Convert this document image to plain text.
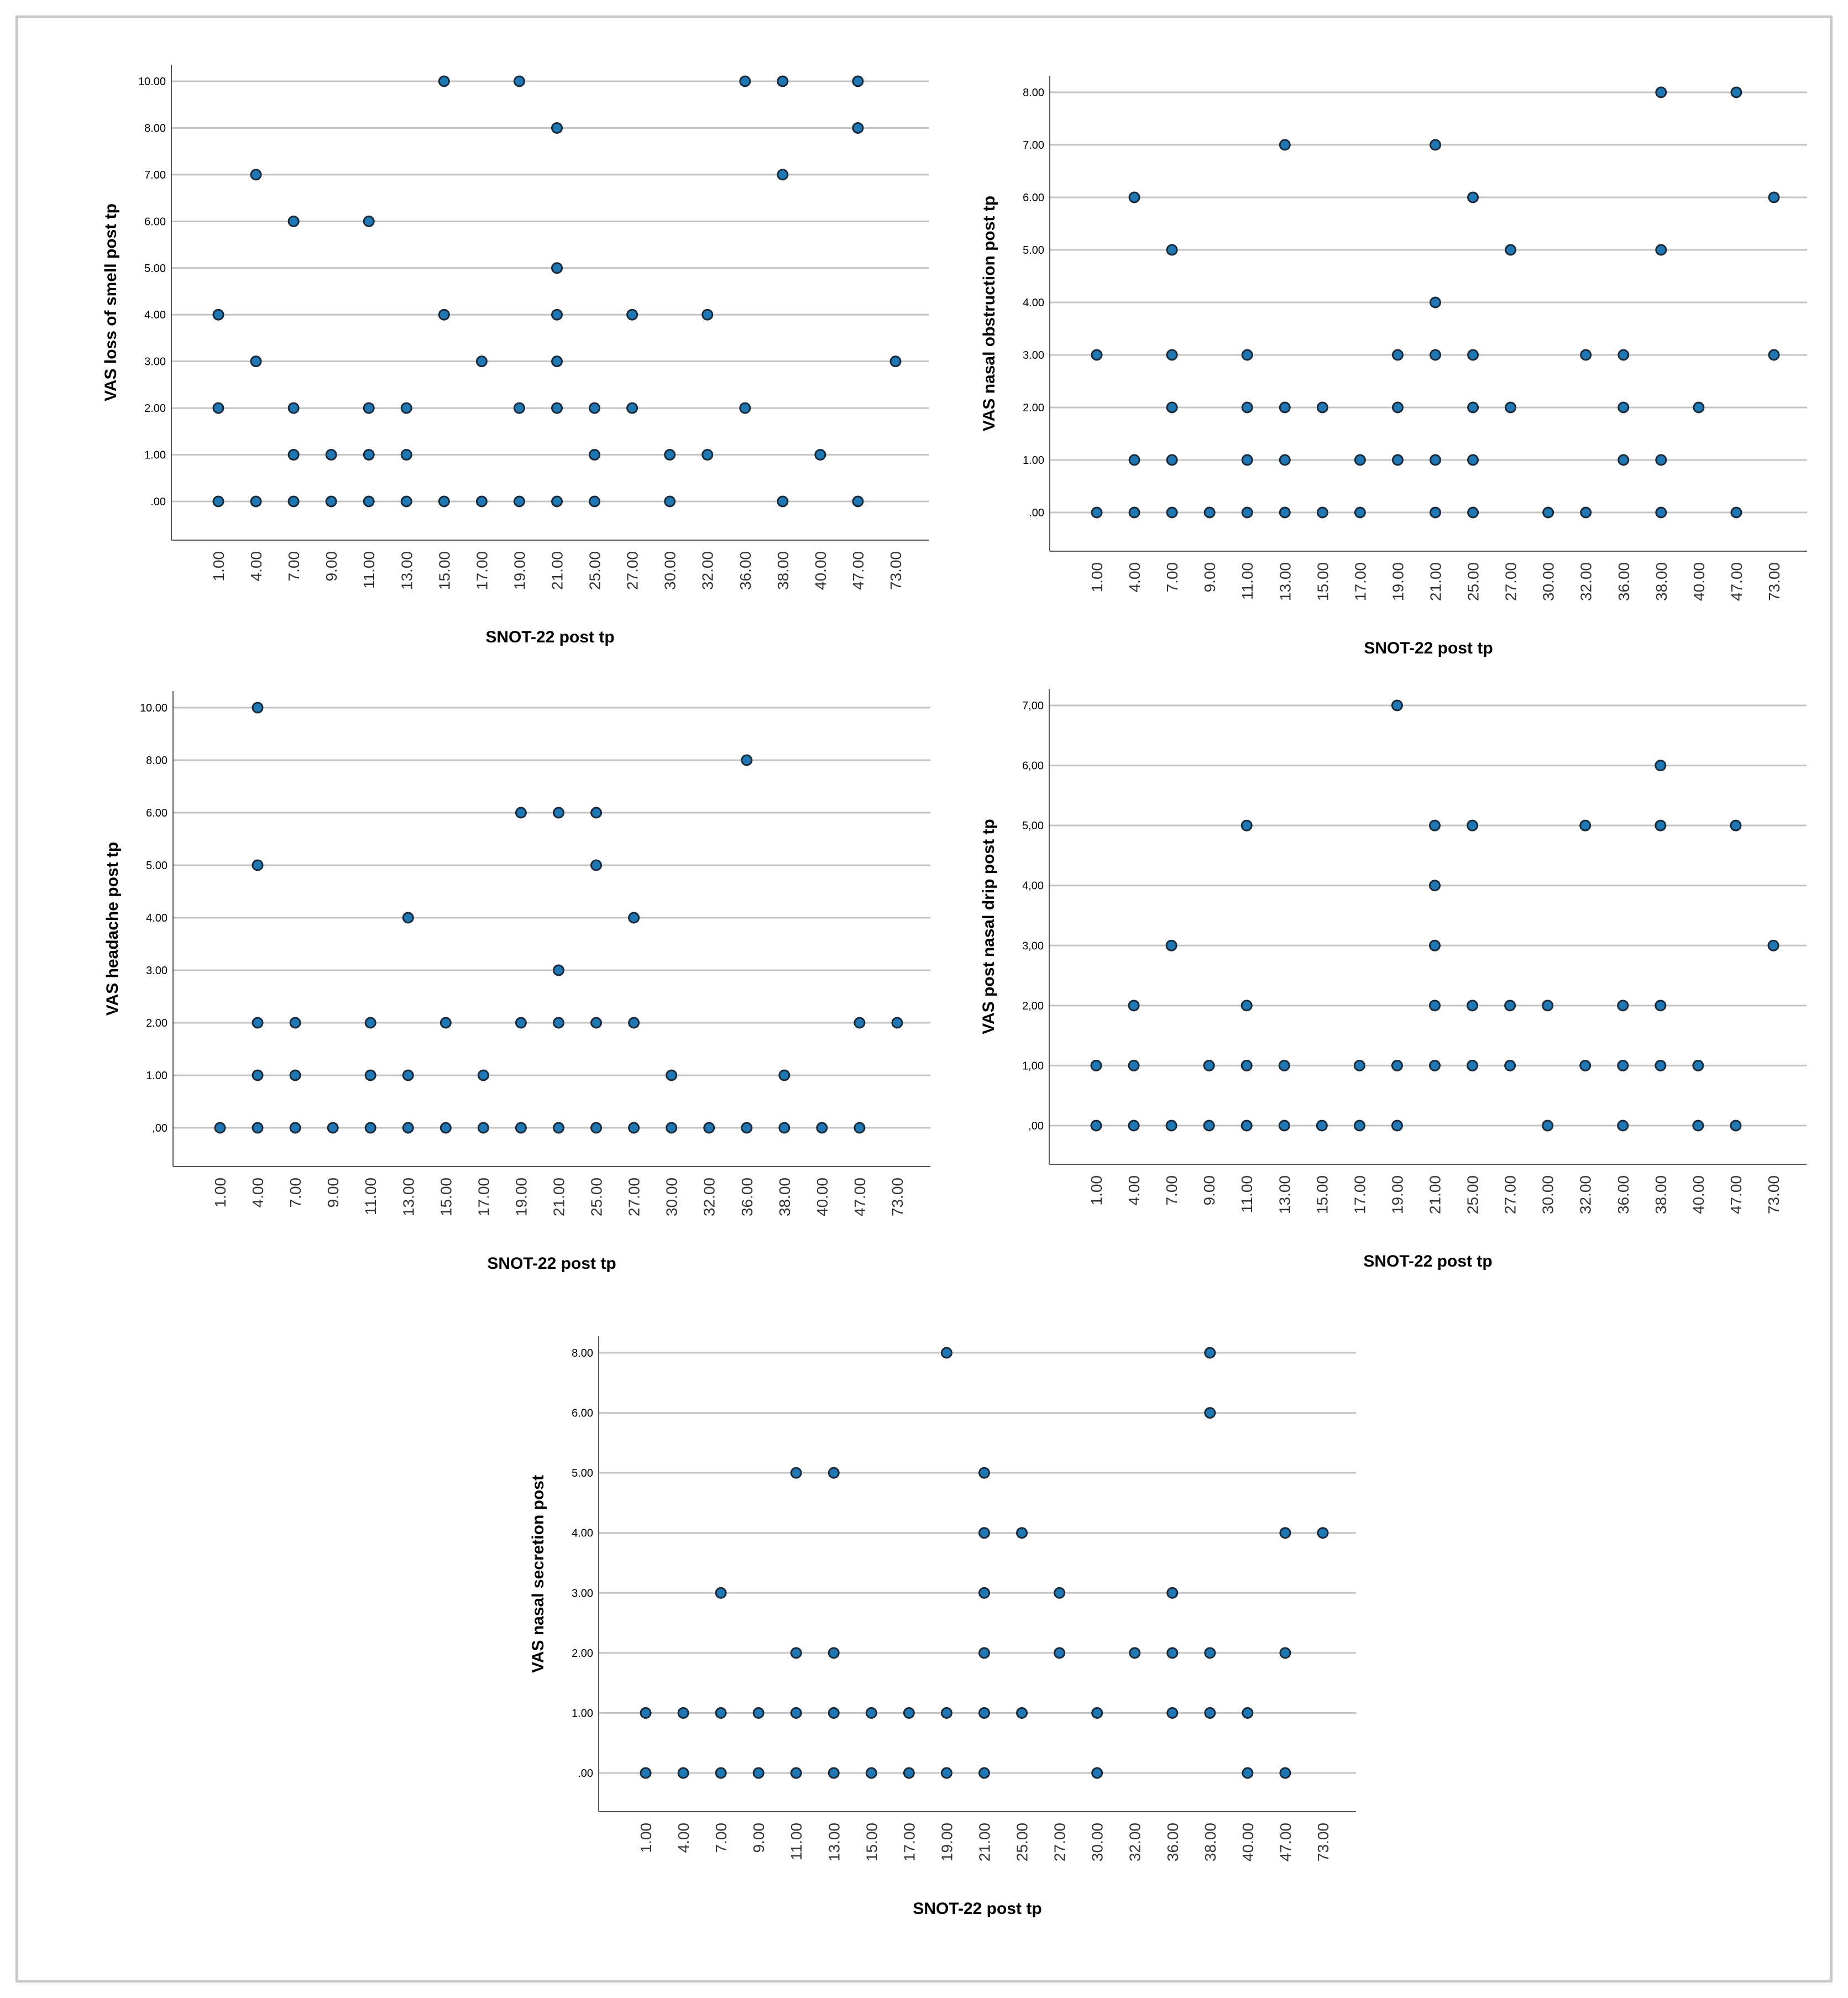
10.00
8.00
7.00
6.00
5.00
4.00
3.00
2.00
1.00
.00
1.00 4.00 7.00 9.00 11.00 13.00 15.00 17.00 19.00 21.00 25.00 27.00 30.00 32.00 36.00 38.00 40.00 47.00 73.00
SNOT-22 post tp
VAS loss of smell post tp
8.00
7.00
6.00
5.00
4.00
3.00
2.00
1.00
.00
1.00 4.00 7.00 9.00 11.00 13.00 15.00 17.00 19.00 21.00 25.00 27.00 30.00 32.00 36.00 38.00 40.00 47.00 73.00
SNOT-22 post tp
VAS nasal obstruction post tp
10.00
8.00
6.00
5.00
4.00
3.00
2.00
1.00
,00
1.00 4.00 7.00 9.00 11.00 13.00 15.00 17.00 19.00 21.00 25.00 27.00 30.00 32.00 36.00 38.00 40.00 47.00 73.00
SNOT-22 post tp
VAS headache post tp
7,00
6,00
5,00
4,00
3,00
2,00
1,00
,00
1.00 4.00 7.00 9.00 11.00 13.00 15.00 17.00 19.00 21.00 25.00 27.00 30.00 32.00 36.00 38.00 40.00 47.00 73.00
SNOT-22 post tp
VAS post nasal drip post tp
8.00
6.00
5.00
4.00
3.00
2.00
1.00
.00
1.00 4.00 7.00 9.00 11.00 13.00 15.00 17.00 19.00 21.00 25.00 27.00 30.00 32.00 36.00 38.00 40.00 47.00 73.00
SNOT-22 post tp
VAS nasal secretion post
